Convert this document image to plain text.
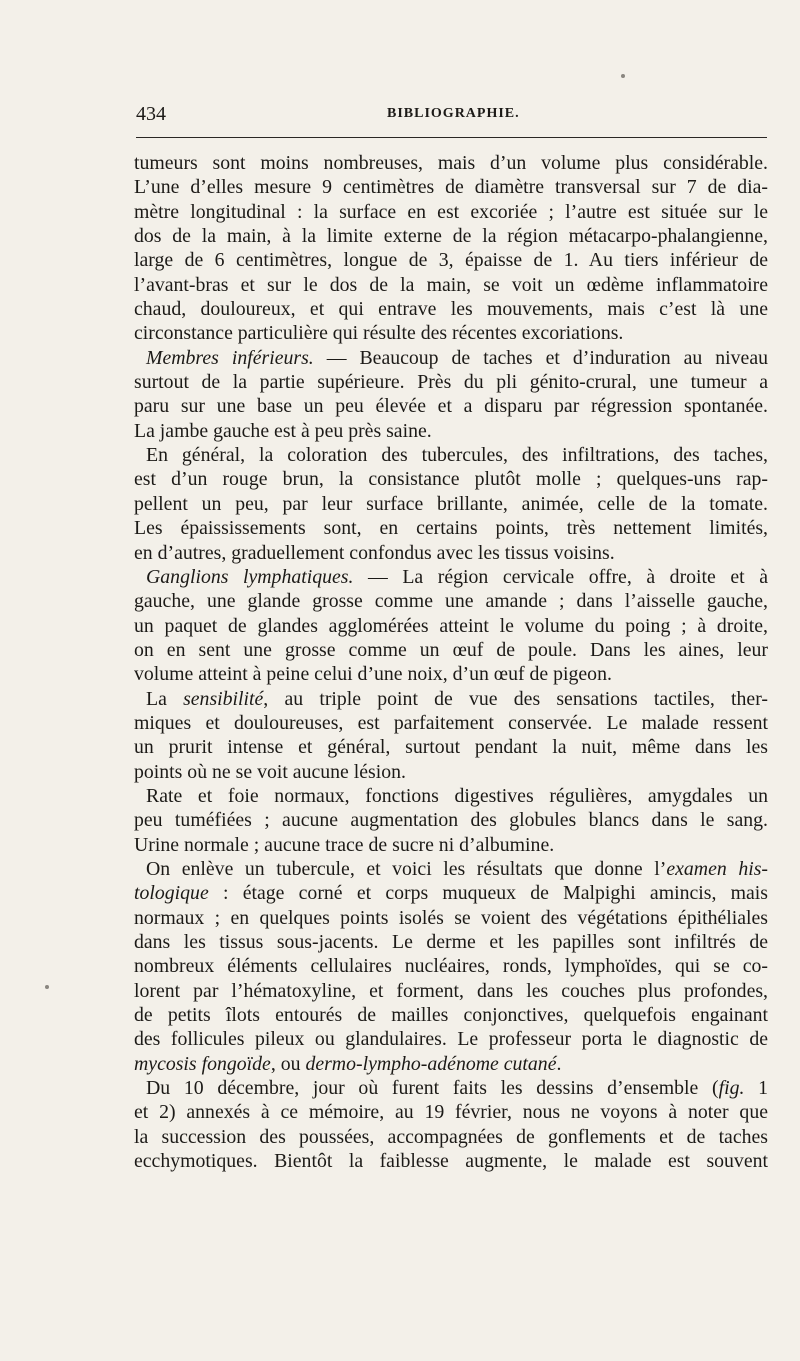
434	BIBLIOGRAPHIE.
tumeurs sont moins nombreuses, mais d’un volume plus considérable.
L’une d’elles mesure 9 centimètres de diamètre transversal sur 7 de dia-
mètre longitudinal : la surface en est excoriée ; l’autre est située sur le
dos de la main, à la limite externe de la région métacarpo-phalangienne,
large de 6 centimètres, longue de 3, épaisse de 1. Au tiers inférieur de
l’avant-bras et sur le dos de la main, se voit un œdème inflammatoire
chaud, douloureux, et qui entrave les mouvements, mais c’est là une
circonstance particulière qui résulte des récentes excoriations.
Membres inférieurs. — Beaucoup de taches et d’induration au niveau
surtout de la partie supérieure. Près du pli génito-crural, une tumeur a
paru sur une base un peu élevée et a disparu par régression spontanée.
La jambe gauche est à peu près saine.
En général, la coloration des tubercules, des infiltrations, des taches,
est d’un rouge brun, la consistance plutôt molle ; quelques-uns rap-
pellent un peu, par leur surface brillante, animée, celle de la tomate.
Les épaississements sont, en certains points, très nettement limités,
en d’autres, graduellement confondus avec les tissus voisins.
Ganglions lymphatiques. — La région cervicale offre, à droite et à
gauche, une glande grosse comme une amande ; dans l’aisselle gauche,
un paquet de glandes agglomérées atteint le volume du poing ; à droite,
on en sent une grosse comme un œuf de poule. Dans les aines, leur
volume atteint à peine celui d’une noix, d’un œuf de pigeon.
La sensibilité, au triple point de vue des sensations tactiles, ther-
miques et douloureuses, est parfaitement conservée. Le malade ressent
un prurit intense et général, surtout pendant la nuit, même dans les
points où ne se voit aucune lésion.
Rate et foie normaux, fonctions digestives régulières, amygdales un
peu tuméfiées ; aucune augmentation des globules blancs dans le sang.
Urine normale ; aucune trace de sucre ni d’albumine.
On enlève un tubercule, et voici les résultats que donne l’examen his-
tologique : étage corné et corps muqueux de Malpighi amincis, mais
normaux ; en quelques points isolés se voient des végétations épithéliales
dans les tissus sous-jacents. Le derme et les papilles sont infiltrés de
nombreux éléments cellulaires nucléaires, ronds, lymphoïdes, qui se co-
lorent par l’hématoxyline, et forment, dans les couches plus profondes,
de petits îlots entourés de mailles conjonctives, quelquefois engainant
des follicules pileux ou glandulaires. Le professeur porta le diagnostic de
mycosis fongoïde, ou dermo-lympho-adénome cutané.
Du 10 décembre, jour où furent faits les dessins d’ensemble (fig. 1
et 2) annexés à ce mémoire, au 19 février, nous ne voyons à noter que
la succession des poussées, accompagnées de gonflements et de taches
ecchymotiques. Bientôt la faiblesse augmente, le malade est souvent
